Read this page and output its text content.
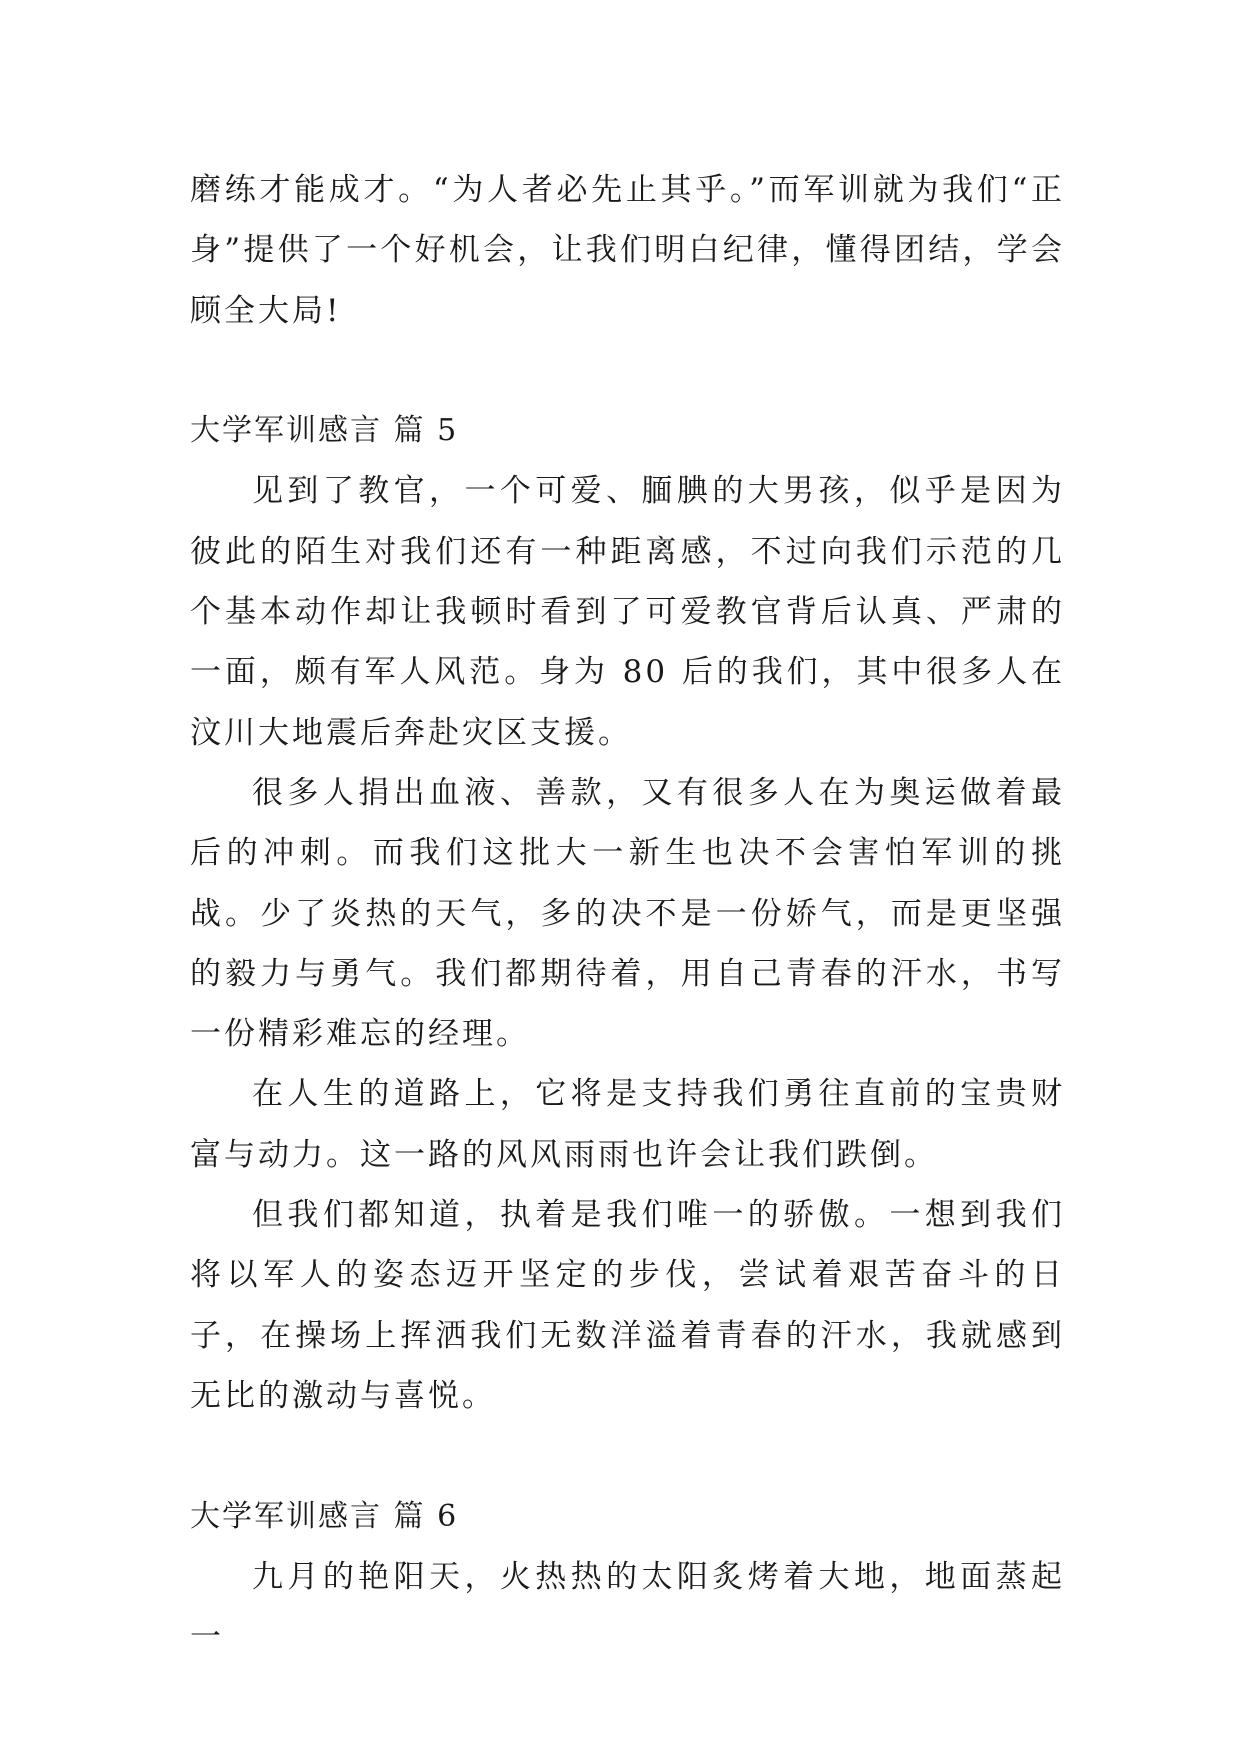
磨练才能成才。“为人者必先止其乎。”而军训就为我们“正身”提供了一个好机会，让我们明白纪律，懂得团结，学会顾全大局!

大学军训感言 篇 5

见到了教官，一个可爱、腼腆的大男孩，似乎是因为彼此的陌生对我们还有一种距离感，不过向我们示范的几个基本动作却让我顿时看到了可爱教官背后认真、严肃的一面，颇有军人风范。身为 80 后的我们，其中很多人在汶川大地震后奔赴灾区支援。

很多人捐出血液、善款，又有很多人在为奥运做着最后的冲刺。而我们这批大一新生也决不会害怕军训的挑战。少了炎热的天气，多的决不是一份娇气，而是更坚强的毅力与勇气。我们都期待着，用自己青春的汗水，书写一份精彩难忘的经理。

在人生的道路上，它将是支持我们勇往直前的宝贵财富与动力。这一路的风风雨雨也许会让我们跌倒。

但我们都知道，执着是我们唯一的骄傲。一想到我们将以军人的姿态迈开坚定的步伐，尝试着艰苦奋斗的日子，在操场上挥洒我们无数洋溢着青春的汗水，我就感到无比的激动与喜悦。

大学军训感言 篇 6

九月的艳阳天，火热热的太阳炙烤着大地，地面蒸起一
